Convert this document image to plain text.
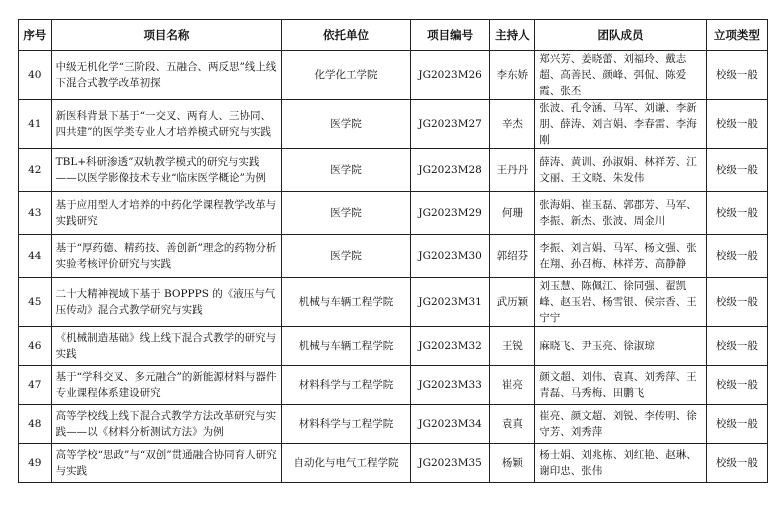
序号	项目名称	依托单位	项目编号	主持人	团队成员	立项类型
40	中级无机化学“三阶段、五融合、两反思”线上线下混合式教学改革初探	化学化工学院	JG2023M26	李东娇	郑兴芳、姜晓蕾、刘福玲、戴志超、高善民、颜峰、弭侃、陈爱霞、张丕	校级一般
41	新医科背景下基于“一交叉、两育人、三协同、四共建”的医学类专业人才培养模式研究与实践	医学院	JG2023M27	辛杰	张波、孔令涵、马军、刘谦、李新朋、薛涛、刘言娟、李春雷、李海刚	校级一般
42	TBL+科研渗透”双轨教学模式的研究与实践——以医学影像技术专业“临床医学概论”为例	医学院	JG2023M28	王丹丹	薛涛、黄训、孙淑娟、林祥芳、江文丽、王文晓、朱发伟	校级一般
43	基于应用型人才培养的中药化学课程教学改革与实践研究	医学院	JG2023M29	何珊	张海娟、崔玉磊、郭郡芳、马军、李振、新杰、张波、周金川	校级一般
44	基于“厚药德、精药技、善创新”理念的药物分析实验考核评价研究与实践	医学院	JG2023M30	郭绍芬	李振、刘言娟、马军、杨文强、张在翔、孙召梅、林祥芳、高静静	校级一般
45	二十大精神视域下基于 BOPPPS 的《液压与气压传动》混合式教学研究与实践	机械与车辆工程学院	JG2023M31	武历颖	刘玉慧、陈佩江、徐同强、翟凯峰、赵玉岩、杨雪银、侯宗香、王宁宁	校级一般
46	《机械制造基础》线上线下混合式教学的研究与实践	机械与车辆工程学院	JG2023M32	王锐	麻晓飞、尹玉亮、徐淑琼	校级一般
47	基于“学科交叉、多元融合”的新能源材料与器件专业课程体系建设研究	材料科学与工程学院	JG2023M33	崔亮	颜文超、刘伟、袁真、刘秀萍、王青磊、马秀梅、田鹏飞	校级一般
48	高等学校线上线下混合式教学方法改革研究与实践——以《材料分析测试方法》为例	材料科学与工程学院	JG2023M34	袁真	崔亮、颜文超、刘锐、李传明、徐守芳、刘秀萍	校级一般
49	高等学校“思政”与“双创”贯通融合协同育人研究与实践	自动化与电气工程学院	JG2023M35	杨颖	杨士娟、刘兆栋、刘红艳、赵琳、谢印忠、张伟	校级一般
